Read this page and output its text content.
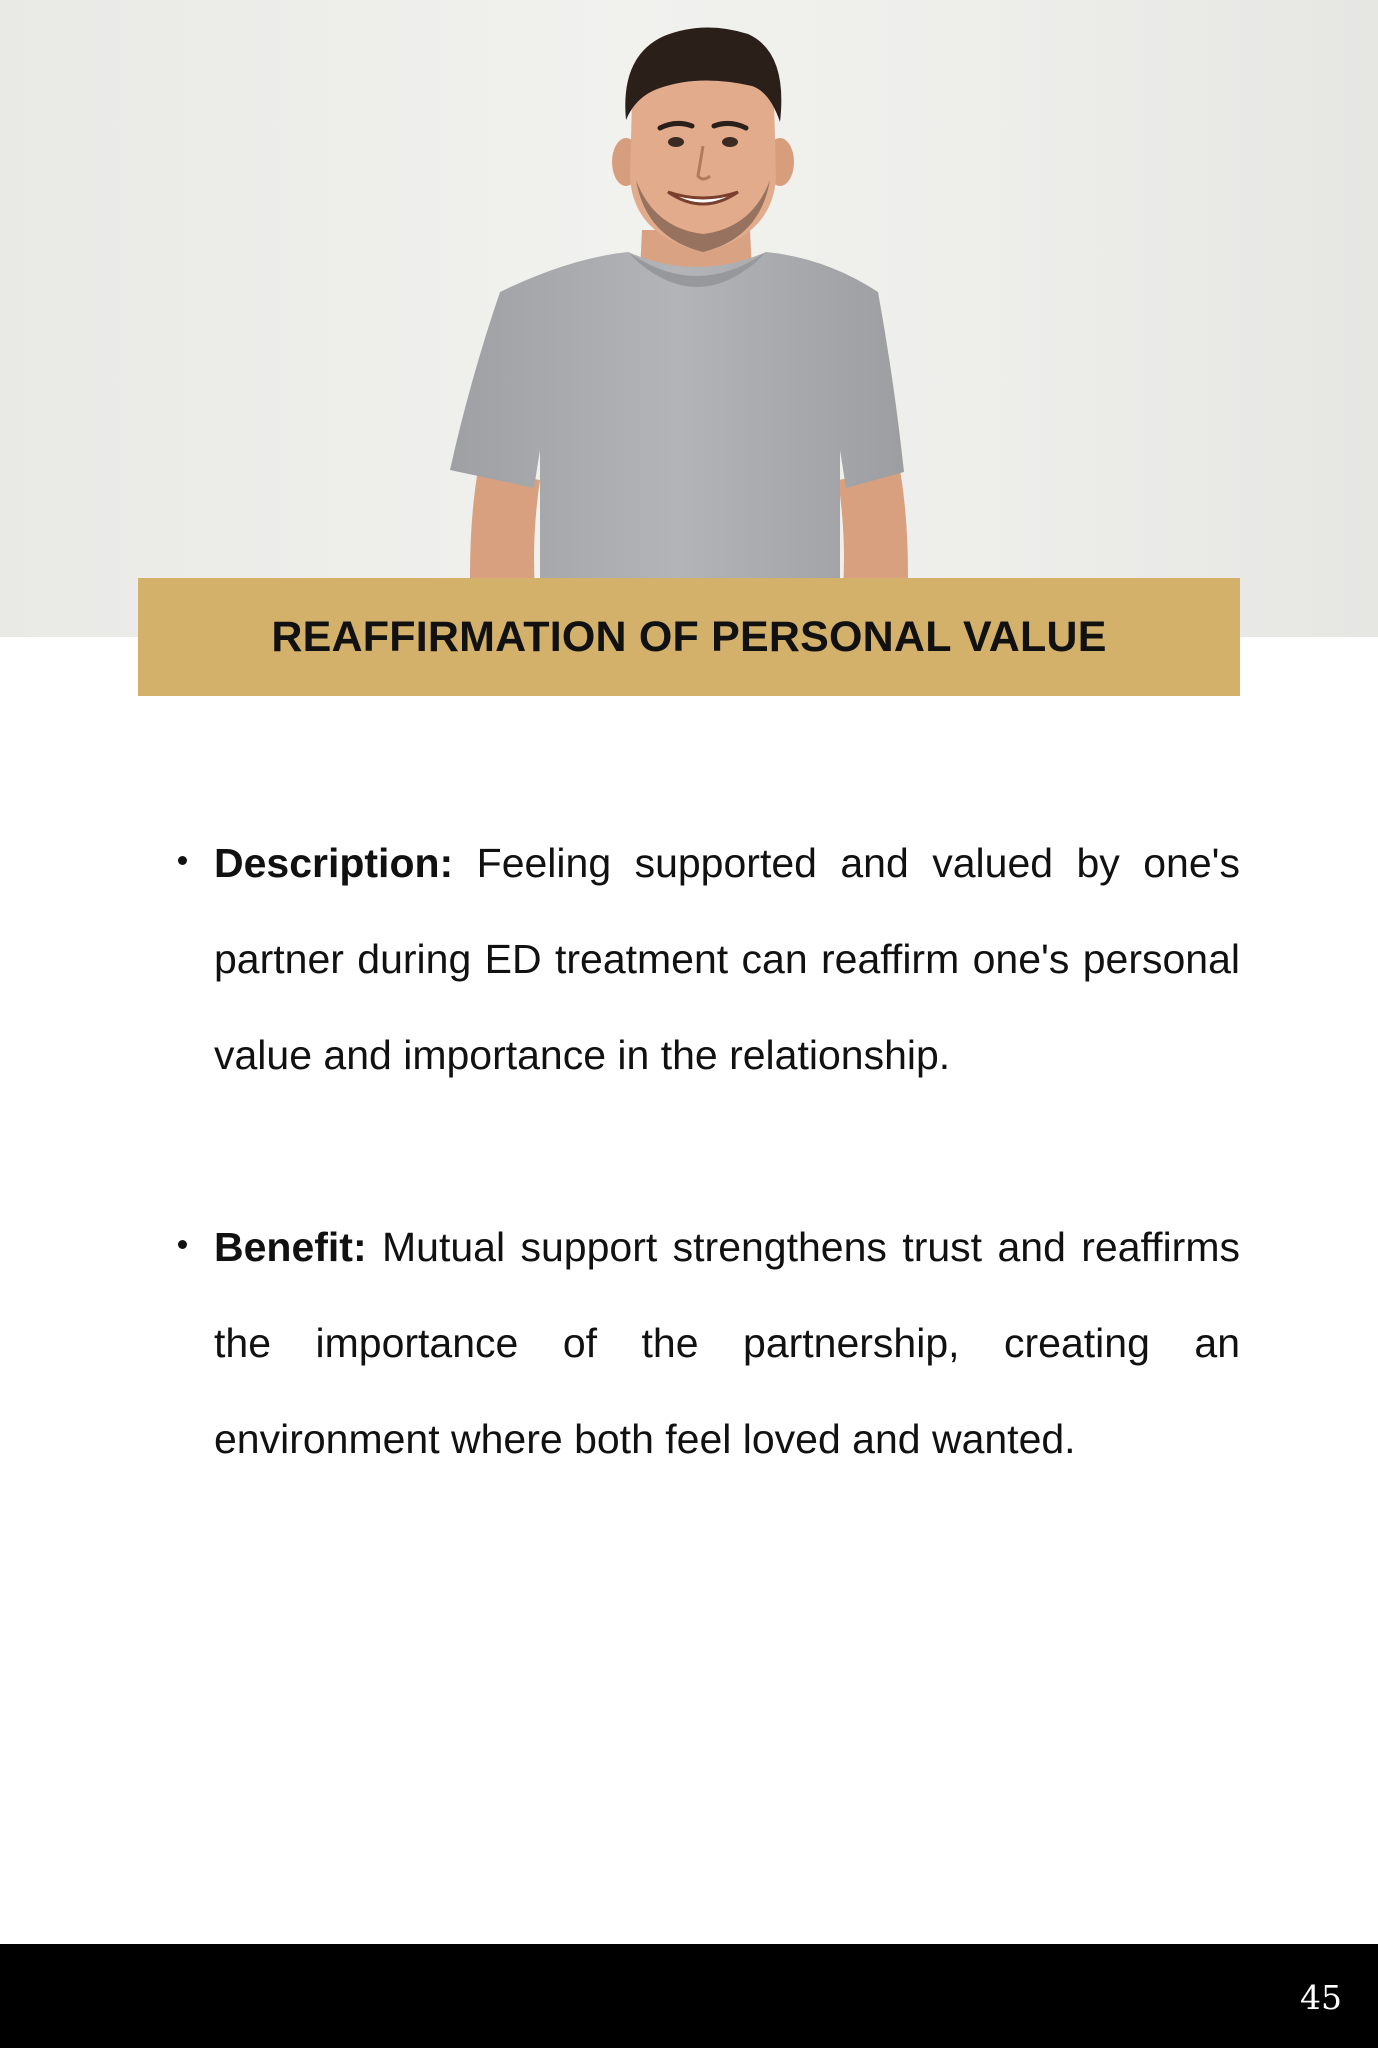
REAFFIRMATION OF PERSONAL VALUE
Description: Feeling supported and valued by one's partner during ED treatment can reaffirm one's personal value and importance in the relationship.
Benefit: Mutual support strengthens trust and reaffirms the importance of the partnership, creating an environment where both feel loved and wanted.
45
